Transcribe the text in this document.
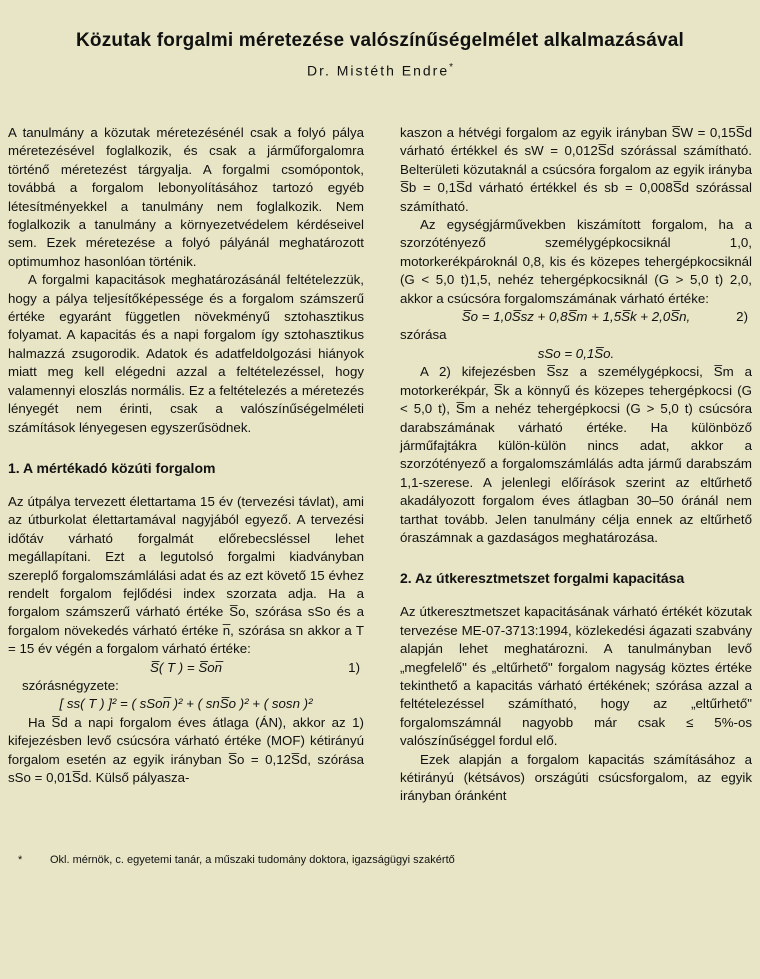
Közutak forgalmi méretezése valószínűségelmélet alkalmazásával
Dr. Mistéth Endre*

A tanulmány a közutak méretezésénél csak a folyó pálya méretezésével foglalkozik, és csak a járműforgalomra történő méretezést tárgyalja. A forgalmi csomópontok, továbbá a forgalom lebonyolításához tartozó egyéb létesítményekkel a tanulmány nem foglalkozik. Nem foglalkozik a tanulmány a környezetvédelem kérdéseivel sem. Ezek méretezése a folyó pályánál meghatározott optimumhoz hasonlóan történik.

A forgalmi kapacitások meghatározásánál feltételezzük, hogy a pálya teljesítőképessége és a forgalom számszerű értéke egyaránt független növekményű sztohasztikus folyamat. A kapacitás és a napi forgalom így sztohasztikus halmazzá zsugorodik. Adatok és adatfeldolgozási hiányok miatt meg kell elégedni azzal a feltételezéssel, hogy valamennyi eloszlás normális. Ez a feltételezés a méretezés lényegét nem érinti, csak a valószínűségelméleti számítások lényegesen egyszerűsödnek.

1. A mértékadó közúti forgalom

Az útpálya tervezett élettartama 15 év (tervezési távlat), ami az útburkolat élettartamával nagyjából egyező. A tervezési időtáv várható forgalmát előrebecsléssel lehet megállapítani. Ezt a legutolsó forgalmi kiadványban szereplő forgalomszámlálási adat és az ezt követő 15 évhez rendelt forgalom fejlődési index szorzata adja. Ha a forgalom számszerű várható értéke S̅o, szórása sSo és a forgalom növekedés várható értéke n̅, szórása sn akkor a T = 15 év végén a forgalom várható értéke:

S̅( T ) = S̅on̅	1)

szórásnégyzete:

[ ss( T ) ]² = ( sSon̅ )² + ( snS̅o )² + ( sosn )²

Ha S̅d a napi forgalom éves átlaga (ÁN), akkor az 1) kifejezésben levő csúcsóra várható értéke (MOF) kétirányú forgalom esetén az egyik irányban S̅o = 0,12S̅d, szórása sSo = 0,01S̅d. Külső pályasza-

kaszon a hétvégi forgalom az egyik irányban S̅W = 0,15S̅d várható értékkel és sW = 0,012S̅d szórással számítható. Belterületi közutaknál a csúcsóra forgalom az egyik irányba S̅b = 0,1S̅d várható értékkel és sb = 0,008S̅d szórással számítható.

Az egységjárművekben kiszámított forgalom, ha a szorzótényező személygépkocsiknál 1,0, motorkerékpároknál 0,8, kis és közepes tehergépkocsiknál (G < 5,0 t)1,5, nehéz tehergépkocsiknál (G > 5,0 t) 2,0, akkor a csúcsóra forgalomszámának várható értéke:

S̅o = 1,0S̅sz + 0,8S̅m + 1,5S̅k + 2,0S̅n,	2)

szórása

sSo = 0,1S̅o.

A 2) kifejezésben S̅sz a személygépkocsi, S̅m a motorkerékpár, S̅k a könnyű és közepes tehergépkocsi (G < 5,0 t), S̅m a nehéz tehergépkocsi (G > 5,0 t) csúcsóra darabszámának várható értéke. Ha különböző járműfajtákra külön-külön nincs adat, akkor a szorzótényező a forgalomszámlálás adta jármű darabszám 1,1-szerese. A jelenlegi előírások szerint az eltűrhető akadályozott forgalom éves átlagban 30–50 óránál nem tarthat tovább. Jelen tanulmány célja ennek az eltűrhető óraszámnak a gazdaságos meghatározása.

2. Az útkeresztmetszet forgalmi kapacitása

Az útkeresztmetszet kapacitásának várható értékét közutak tervezése ME-07-3713:1994, közlekedési ágazati szabvány alapján lehet meghatározni. A tanulmányban levő „megfelelő" és „eltűrhető" forgalom nagyság köztes értéke tekinthető a kapacitás várható értékének; szórása azzal a feltételezéssel számítható, hogy az „eltűrhető" forgalomszámnál nagyobb már csak ≤ 5%-os valószínűséggel fordul elő.

Ezek alapján a forgalom kapacitás számításához a kétirányú (kétsávos) országúti csúcsforgalom, az egyik irányban óránként

*	Okl. mérnök, c. egyetemi tanár, a műszaki tudomány doktora, igazságügyi szakértő
